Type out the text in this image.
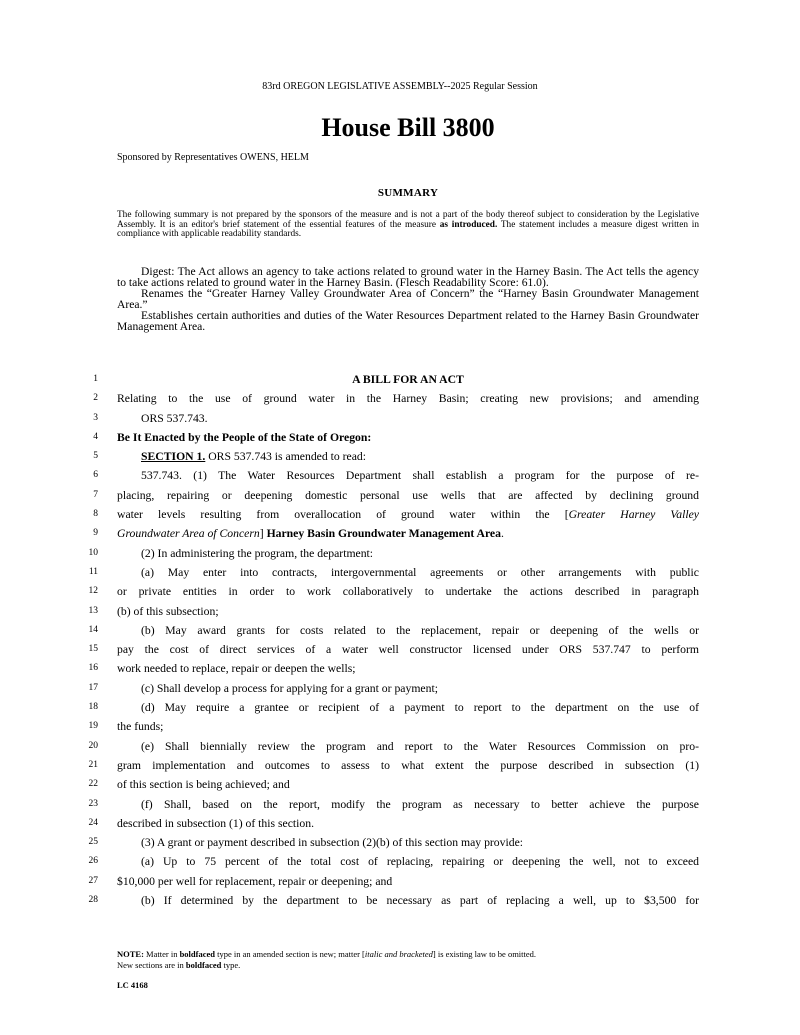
83rd OREGON LEGISLATIVE ASSEMBLY--2025 Regular Session
House Bill 3800
Sponsored by Representatives OWENS, HELM
SUMMARY
The following summary is not prepared by the sponsors of the measure and is not a part of the body thereof subject to consideration by the Legislative Assembly. It is an editor's brief statement of the essential features of the measure as introduced. The statement includes a measure digest written in compliance with applicable readability standards.

Digest: The Act allows an agency to take actions related to ground water in the Harney Basin. The Act tells the agency to take actions related to ground water in the Harney Basin. (Flesch Readability Score: 61.0).

Renames the “Greater Harney Valley Groundwater Area of Concern” the “Harney Basin Groundwater Management Area.”

Establishes certain authorities and duties of the Water Resources Department related to the Harney Basin Groundwater Management Area.

1	A BILL FOR AN ACT
2 Relating to the use of ground water in the Harney Basin; creating new provisions; and amending
3	ORS 537.743.
4 Be It Enacted by the People of the State of Oregon:
5	SECTION 1. ORS 537.743 is amended to read:
6	537.743. (1) The Water Resources Department shall establish a program for the purpose of re-
7 placing, repairing or deepening domestic personal use wells that are affected by declining ground
8 water levels resulting from overallocation of ground water within the [Greater Harney Valley
9 Groundwater Area of Concern] Harney Basin Groundwater Management Area.
10	(2) In administering the program, the department:
11	(a) May enter into contracts, intergovernmental agreements or other arrangements with public
12 or private entities in order to work collaboratively to undertake the actions described in paragraph
13 (b) of this subsection;
14	(b) May award grants for costs related to the replacement, repair or deepening of the wells or
15 pay the cost of direct services of a water well constructor licensed under ORS 537.747 to perform
16 work needed to replace, repair or deepen the wells;
17	(c) Shall develop a process for applying for a grant or payment;
18	(d) May require a grantee or recipient of a payment to report to the department on the use of
19 the funds;
20	(e) Shall biennially review the program and report to the Water Resources Commission on pro-
21 gram implementation and outcomes to assess to what extent the purpose described in subsection (1)
22 of this section is being achieved; and
23	(f) Shall, based on the report, modify the program as necessary to better achieve the purpose
24 described in subsection (1) of this section.
25	(3) A grant or payment described in subsection (2)(b) of this section may provide:
26	(a) Up to 75 percent of the total cost of replacing, repairing or deepening the well, not to exceed
27 $10,000 per well for replacement, repair or deepening; and
28	(b) If determined by the department to be necessary as part of replacing a well, up to $3,500 for
NOTE: Matter in boldfaced type in an amended section is new; matter [italic and bracketed] is existing law to be omitted.
New sections are in boldfaced type.
LC 4168
